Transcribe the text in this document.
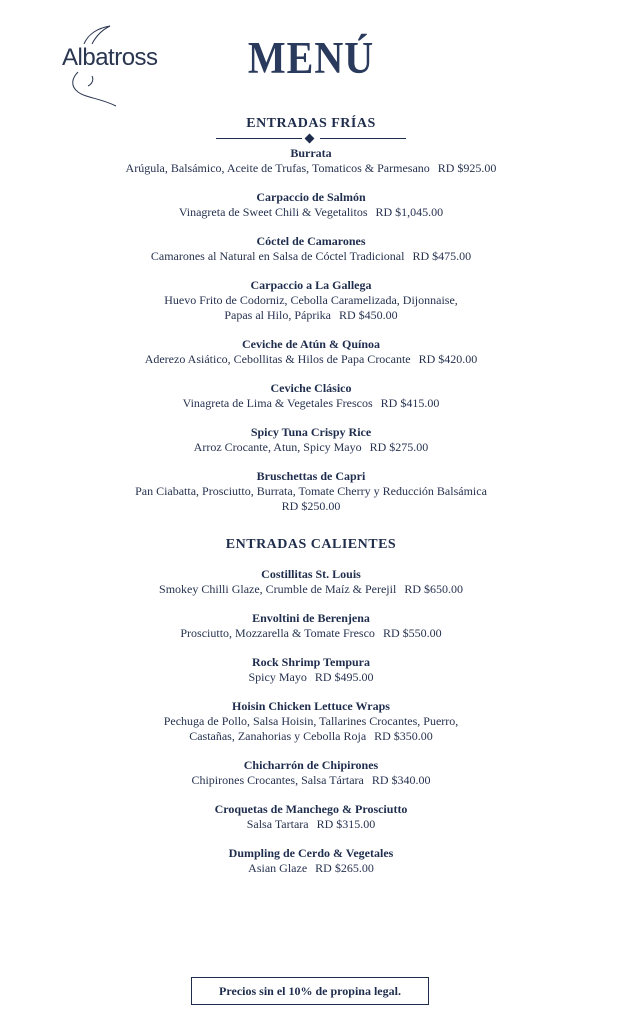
Albatross	MENÚ
ENTRADAS FRÍAS
Burrata
Arúgula, Balsámico, Aceite de Trufas, Tomaticos & Parmesano RD $925.00
Carpaccio de Salmón
Vinagreta de Sweet Chili & Vegetalitos RD $1,045.00
Cóctel de Camarones
Camarones al Natural en Salsa de Cóctel Tradicional RD $475.00
Carpaccio a La Gallega
Huevo Frito de Codorniz, Cebolla Caramelizada, Dijonnaise,
Papas al Hilo, Páprika RD $450.00
Ceviche de Atún & Quínoa
Aderezo Asiático, Cebollitas & Hilos de Papa Crocante RD $420.00
Ceviche Clásico
Vinagreta de Lima & Vegetales Frescos RD $415.00
Spicy Tuna Crispy Rice
Arroz Crocante, Atun, Spicy Mayo RD $275.00
Bruschettas de Capri
Pan Ciabatta, Prosciutto, Burrata, Tomate Cherry y Reducción Balsámica
RD $250.00
ENTRADAS CALIENTES
Costillitas St. Louis
Smokey Chilli Glaze, Crumble de Maíz & Perejil RD $650.00
Envoltini de Berenjena
Prosciutto, Mozzarella & Tomate Fresco RD $550.00
Rock Shrimp Tempura
Spicy Mayo RD $495.00
Hoisin Chicken Lettuce Wraps
Pechuga de Pollo, Salsa Hoisin, Tallarines Crocantes, Puerro,
Castañas, Zanahorias y Cebolla Roja RD $350.00
Chicharrón de Chipirones
Chipirones Crocantes, Salsa Tártara RD $340.00
Croquetas de Manchego & Prosciutto
Salsa Tartara RD $315.00
Dumpling de Cerdo & Vegetales
Asian Glaze RD $265.00
Precios sin el 10% de propina legal.
